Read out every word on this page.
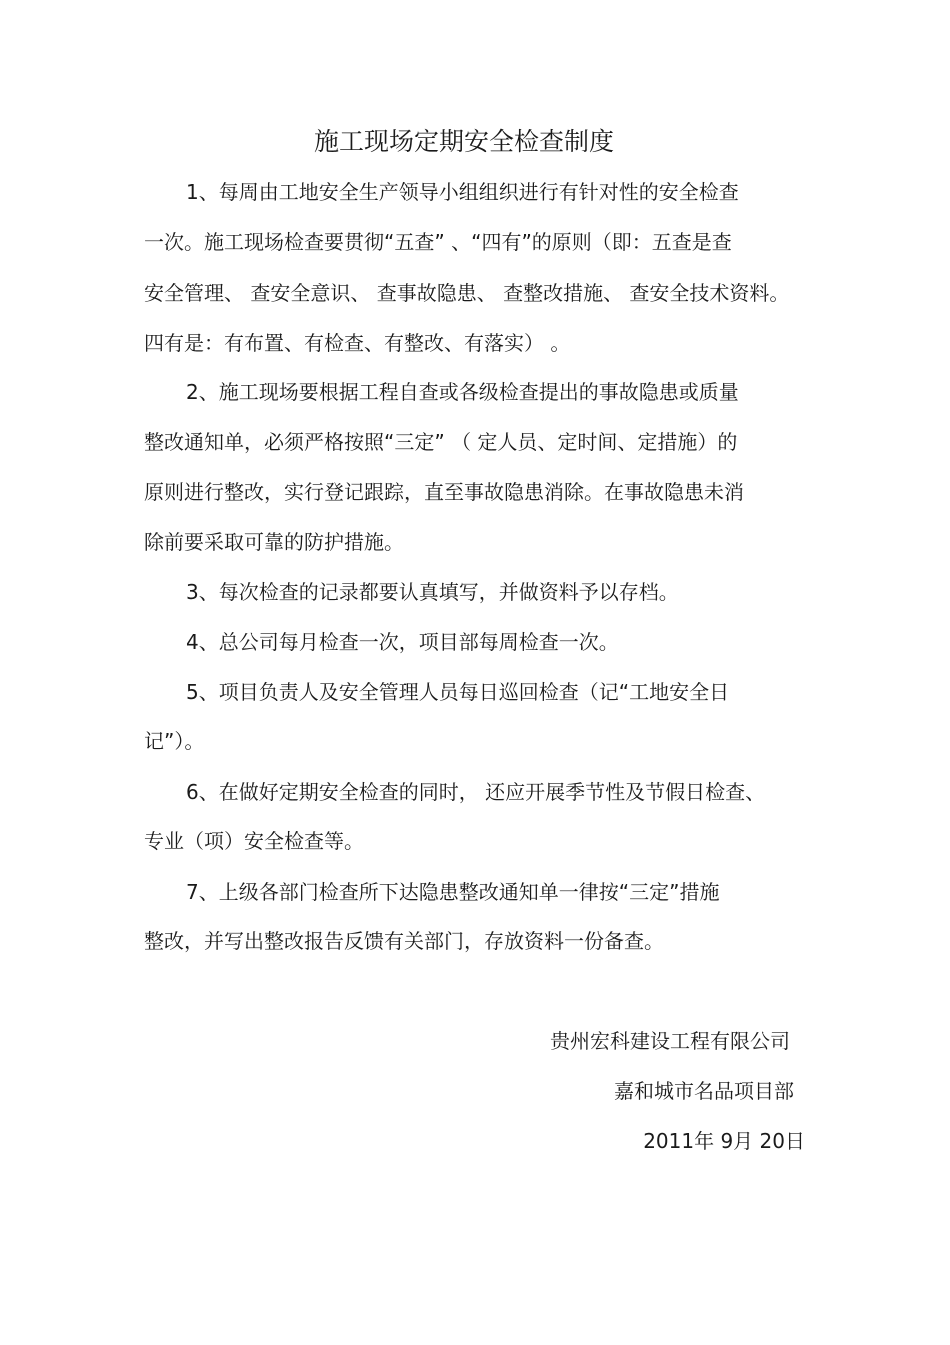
施工现场定期安全检查制度
1、每周由工地安全生产领导小组组织进行有针对性的安全检查
一次。施工现场检查要贯彻“五查” 、“四有”的原则（即：五查是查
安全管理、 查安全意识、 查事故隐患、 查整改措施、 查安全技术资料。
四有是：有布置、有检查、有整改、有落实） 。
2、施工现场要根据工程自查或各级检查提出的事故隐患或质量
整改通知单，必须严格按照“三定” （ 定人员、定时间、定措施）的
原则进行整改，实行登记跟踪，直至事故隐患消除。在事故隐患未消
除前要采取可靠的防护措施。
3、每次检查的记录都要认真填写，并做资料予以存档。
4、总公司每月检查一次，项目部每周检查一次。
5、项目负责人及安全管理人员每日巡回检查（记“工地安全日
记”）。
6、在做好定期安全检查的同时， 还应开展季节性及节假日检查、
专业（项）安全检查等。
7、上级各部门检查所下达隐患整改通知单一律按“三定”措施
整改，并写出整改报告反馈有关部门，存放资料一份备查。
贵州宏科建设工程有限公司
嘉和城市名品项目部
2011年 9月 20日
